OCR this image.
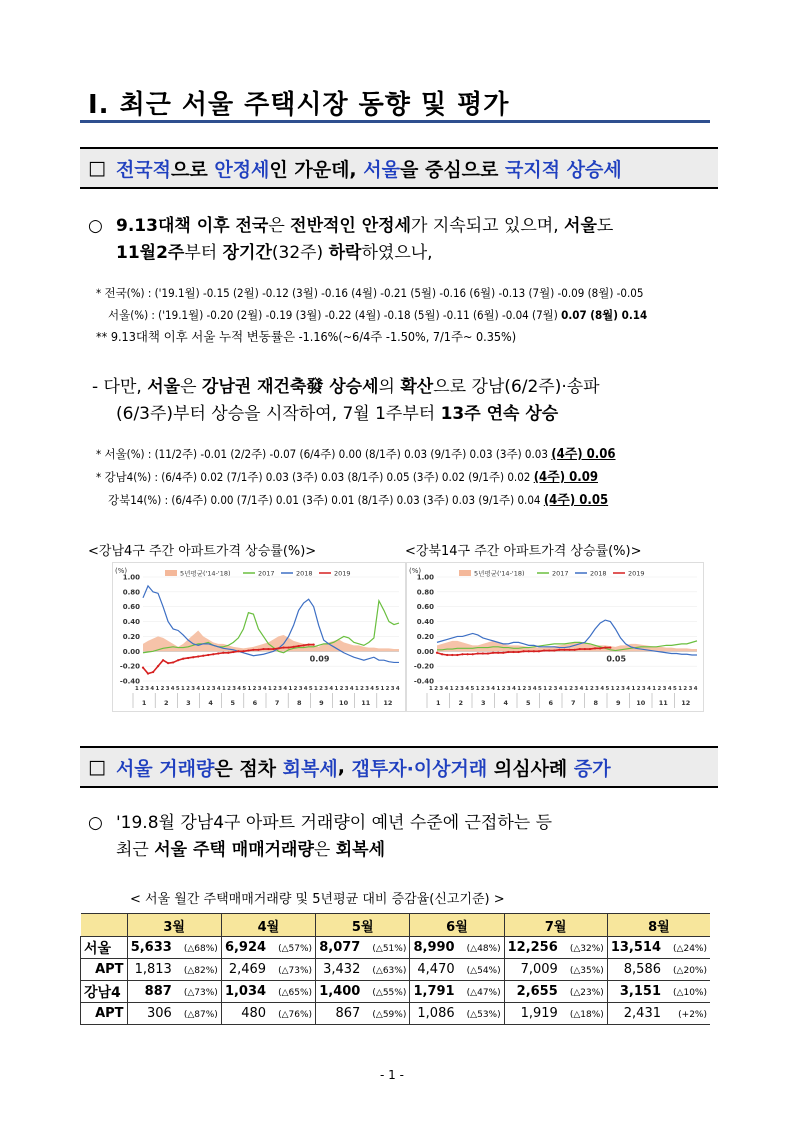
Ⅰ. 최근 서울 주택시장 동향 및 평가
□ 전국적 으로 안정세 인 가운데, 서울 을 중심으로 국지적 상승세
○ 9.13대책 이후 전국은 전반적인 안정세가 지속되고 있으며, 서울도
11월2주부터 장기간(32주) 하락하였으나,
* 전국(%) : ('19.1월) -0.15 (2월) -0.12 (3월) -0.16 (4월) -0.21 (5월) -0.16 (6월) -0.13 (7월) -0.09 (8월) -0.05
서울(%) : ('19.1월) -0.20 (2월) -0.19 (3월) -0.22 (4월) -0.18 (5월) -0.11 (6월) -0.04 (7월) 0.07 (8월) 0.14
** 9.13대책 이후 서울 누적 변동률은 -1.16%(~6/4주 -1.50%, 7/1주~ 0.35%)
- 다만, 서울은 강남권 재건축發 상승세의 확산으로 강남(6/2주)·송파
(6/3주)부터 상승을 시작하여, 7월 1주부터 13주 연속 상승
* 서울(%) : (11/2주) -0.01 (2/2주) -0.07 (6/4주) 0.00 (8/1주) 0.03 (9/1주) 0.03 (3주) 0.03 (4주) 0.06
* 강남4(%) : (6/4주) 0.02 (7/1주) 0.03 (3주) 0.03 (8/1주) 0.05 (3주) 0.02 (9/1주) 0.02 (4주) 0.09
강북14(%) : (6/4주) 0.00 (7/1주) 0.01 (3주) 0.01 (8/1주) 0.03 (3주) 0.03 (9/1주) 0.04 (4주) 0.05
<강남4구 주간 아파트가격 상승률(%)>	<강북14구 주간 아파트가격 상승률(%)>
(%)
1.00
0.80
0.60
0.40
0.20
0.00
-0.20
-0.40
5년평균('14-'18)	2017	2018	2019
0.09
1 2 3 4 1 2 3 4 5 1 2 3 4 1 2 3 4 1 2 3 4 5 1 2 3 4 1 2 3 4 1 2 3 4 5 1 2 3 4 1 2 3 4 1 2 3 4 5 1 2 3 4
1	2	3	4	5	6	7	8	9 10 11 12
(%)
1.00
0.80
0.60
0.40
0.20
0.00
-0.20
-0.40
5년평균('14-'18)	2017	2018	2019
0.05
1 2 3 4 1 2 3 4 5 1 2 3 4 1 2 3 4 1 2 3 4 5 1 2 3 4 1 2 3 4 1 2 3 4 5 1 2 3 4 1 2 3 4 1 2 3 4 5 1 2 3 4
1	2	3	4	5	6	7	8	9 10 11 12
□ 서울 거래량 은 점차 회복세 , 갭투자·이상거래 의심사례 증가
○ '19.8월 강남4구 아파트 거래량이 예년 수준에 근접하는 등
최근 서울 주택 매매거래량은 회복세
< 서울 월간 주택매매거래량 및 5년평균 대비 증감율(신고기준) >
	3월	4월	5월	6월	7월	8월
서울	5,633 (△68%)	6,924 (△57%)	8,077 (△51%)	8,990 (△48%)	12,256 (△32%)	13,514 (△24%)
APT	1,813 (△82%)	2,469 (△73%)	3,432 (△63%)	4,470 (△54%)	7,009 (△35%)	8,586 (△20%)
강남4	887 (△73%)	1,034 (△65%)	1,400 (△55%)	1,791 (△47%)	2,655 (△23%)	3,151 (△10%)
APT	306 (△87%)	480 (△76%)	867 (△59%)	1,086 (△53%)	1,919 (△18%)	2,431 (+2%)
- 1 -
